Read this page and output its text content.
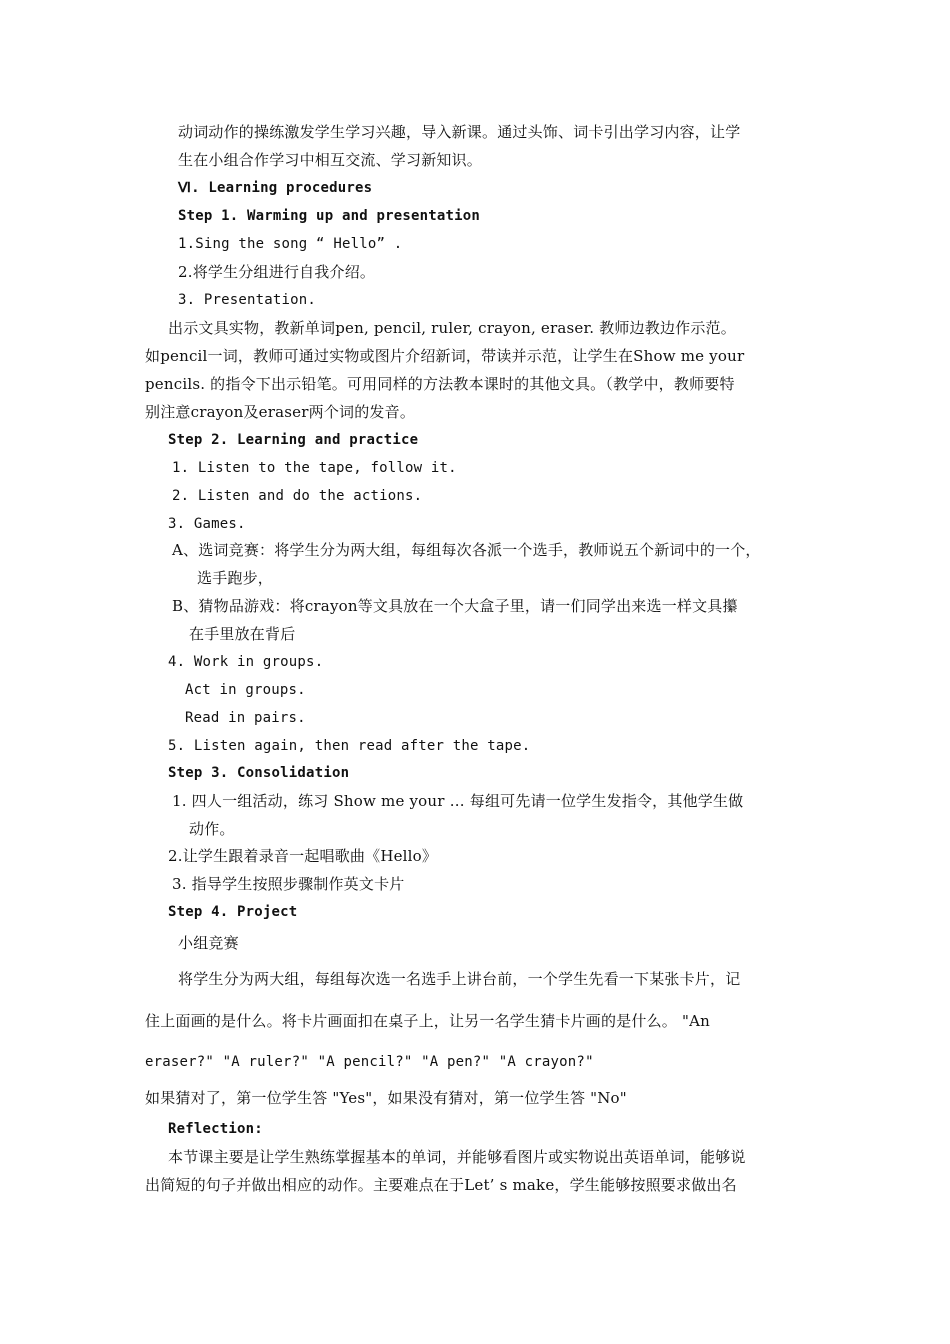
动词动作的操练激发学生学习兴趣，导入新课。通过头饰、词卡引出学习内容，让学
生在小组合作学习中相互交流、学习新知识。
Ⅵ. Learning procedures
Step 1. Warming up and presentation
1.Sing the song “ Hello” .
2.将学生分组进行自我介绍。
3. Presentation.
出示文具实物，教新单词pen, pencil, ruler, crayon, eraser. 教师边教边作示范。
如pencil一词，教师可通过实物或图片介绍新词，带读并示范，让学生在Show me your
pencils. 的指令下出示铅笔。可用同样的方法教本课时的其他文具。（教学中，教师要特
别注意crayon及eraser两个词的发音。
Step 2. Learning and practice
1. Listen to the tape, follow it.
2. Listen and do the actions.
3. Games.
A、选词竞赛：将学生分为两大组，每组每次各派一个选手，教师说五个新词中的一个，
选手跑步，
B、猜物品游戏：将crayon等文具放在一个大盒子里，请一们同学出来选一样文具攥
在手里放在背后
4. Work in groups.
Act in groups.
Read in pairs.
5. Listen again, then read after the tape.
Step 3. Consolidation
1. 四人一组活动，练习 Show me your … 每组可先请一位学生发指令，其他学生做
动作。
2.让学生跟着录音一起唱歌曲《Hello》
3. 指导学生按照步骤制作英文卡片
Step 4. Project
小组竞赛
将学生分为两大组，每组每次选一名选手上讲台前，一个学生先看一下某张卡片，记
住上面画的是什么。将卡片画面扣在桌子上，让另一名学生猜卡片画的是什么。 "An
eraser?" "A ruler?" "A pencil?" "A pen?" "A crayon?"
如果猜对了，第一位学生答 "Yes"，如果没有猜对，第一位学生答 "No"
Reflection:
本节课主要是让学生熟练掌握基本的单词，并能够看图片或实物说出英语单词，能够说
出简短的句子并做出相应的动作。主要难点在于Let’ s make，学生能够按照要求做出名
